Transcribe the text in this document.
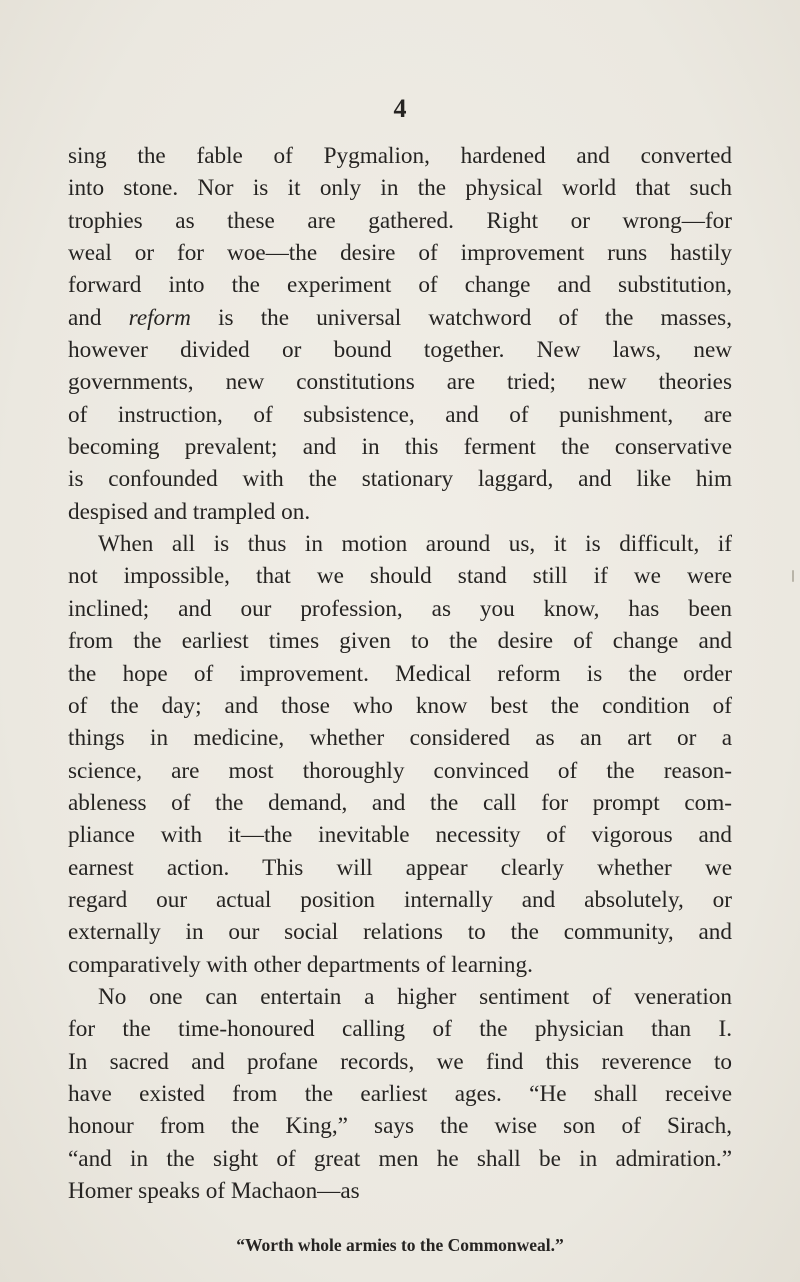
4
sing the fable of Pygmalion, hardened and converted
into stone. Nor is it only in the physical world that such
trophies as these are gathered. Right or wrong—for
weal or for woe—the desire of improvement runs hastily
forward into the experiment of change and substitution,
and reform is the universal watchword of the masses,
however divided or bound together. New laws, new
governments, new constitutions are tried; new theories
of instruction, of subsistence, and of punishment, are
becoming prevalent; and in this ferment the conservative
is confounded with the stationary laggard, and like him
despised and trampled on.
When all is thus in motion around us, it is difficult, if
not impossible, that we should stand still if we were
inclined; and our profession, as you know, has been
from the earliest times given to the desire of change and
the hope of improvement. Medical reform is the order
of the day; and those who know best the condition of
things in medicine, whether considered as an art or a
science, are most thoroughly convinced of the reason-
ableness of the demand, and the call for prompt com-
pliance with it—the inevitable necessity of vigorous and
earnest action. This will appear clearly whether we
regard our actual position internally and absolutely, or
externally in our social relations to the community, and
comparatively with other departments of learning.
No one can entertain a higher sentiment of veneration
for the time-honoured calling of the physician than I.
In sacred and profane records, we find this reverence to
have existed from the earliest ages. “He shall receive
honour from the King,” says the wise son of Sirach,
“and in the sight of great men he shall be in admiration.”
Homer speaks of Machaon—as
“Worth whole armies to the Commonweal.”
